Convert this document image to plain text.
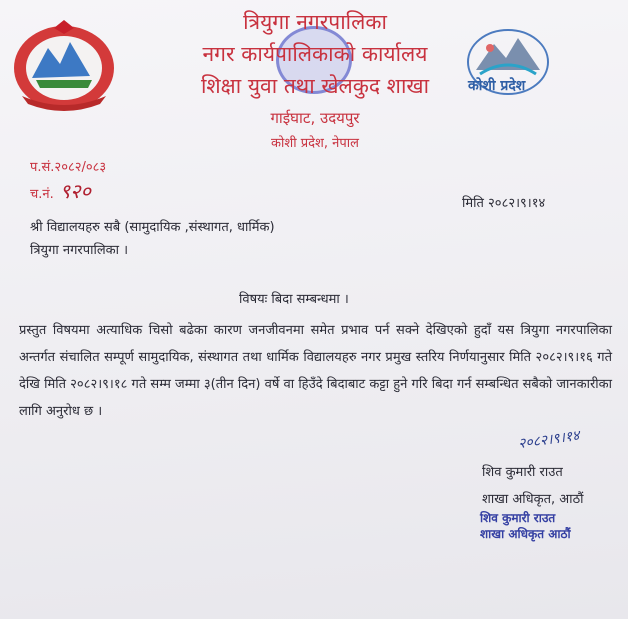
कोशी प्रदेश
त्रियुगा नगरपालिका
नगर कार्यपालिकाको कार्यालय
शिक्षा युवा तथा खेलकुद शाखा
गाईघाट, उदयपुर
कोशी प्रदेश, नेपाल
प.सं.२०८२/०८३
च.नं. ९२०
मिति २०८२।९।१४
श्री विद्यालयहरु सबै (सामुदायिक ,संस्थागत, धार्मिक)
त्रियुगा नगरपालिका ।
विषयः बिदा सम्बन्धमा ।
प्रस्तुत विषयमा अत्याधिक चिसो बढेका कारण जनजीवनमा समेत प्रभाव पर्न सक्ने देखिएको हुदाँ यस त्रियुगा नगरपालिका अन्तर्गत संचालित सम्पूर्ण सामुदायिक, संस्थागत तथा धार्मिक विद्यालयहरु नगर प्रमुख स्तरिय निर्णयानुसार मिति २०८२।९।१६ गते देखि मिति २०८२।९।१८ गते सम्म जम्मा ३(तीन दिन) वर्षे वा हिउँदे बिदाबाट कट्टा हुने गरि बिदा गर्न सम्बन्धित सबैको जानकारीका लागि अनुरोध छ ।
२०८२।९।१४
शिव कुमारी राउत
शाखा अधिकृत, आठौं
शिव कुमारी राउत
शाखा अधिकृत आठौं
